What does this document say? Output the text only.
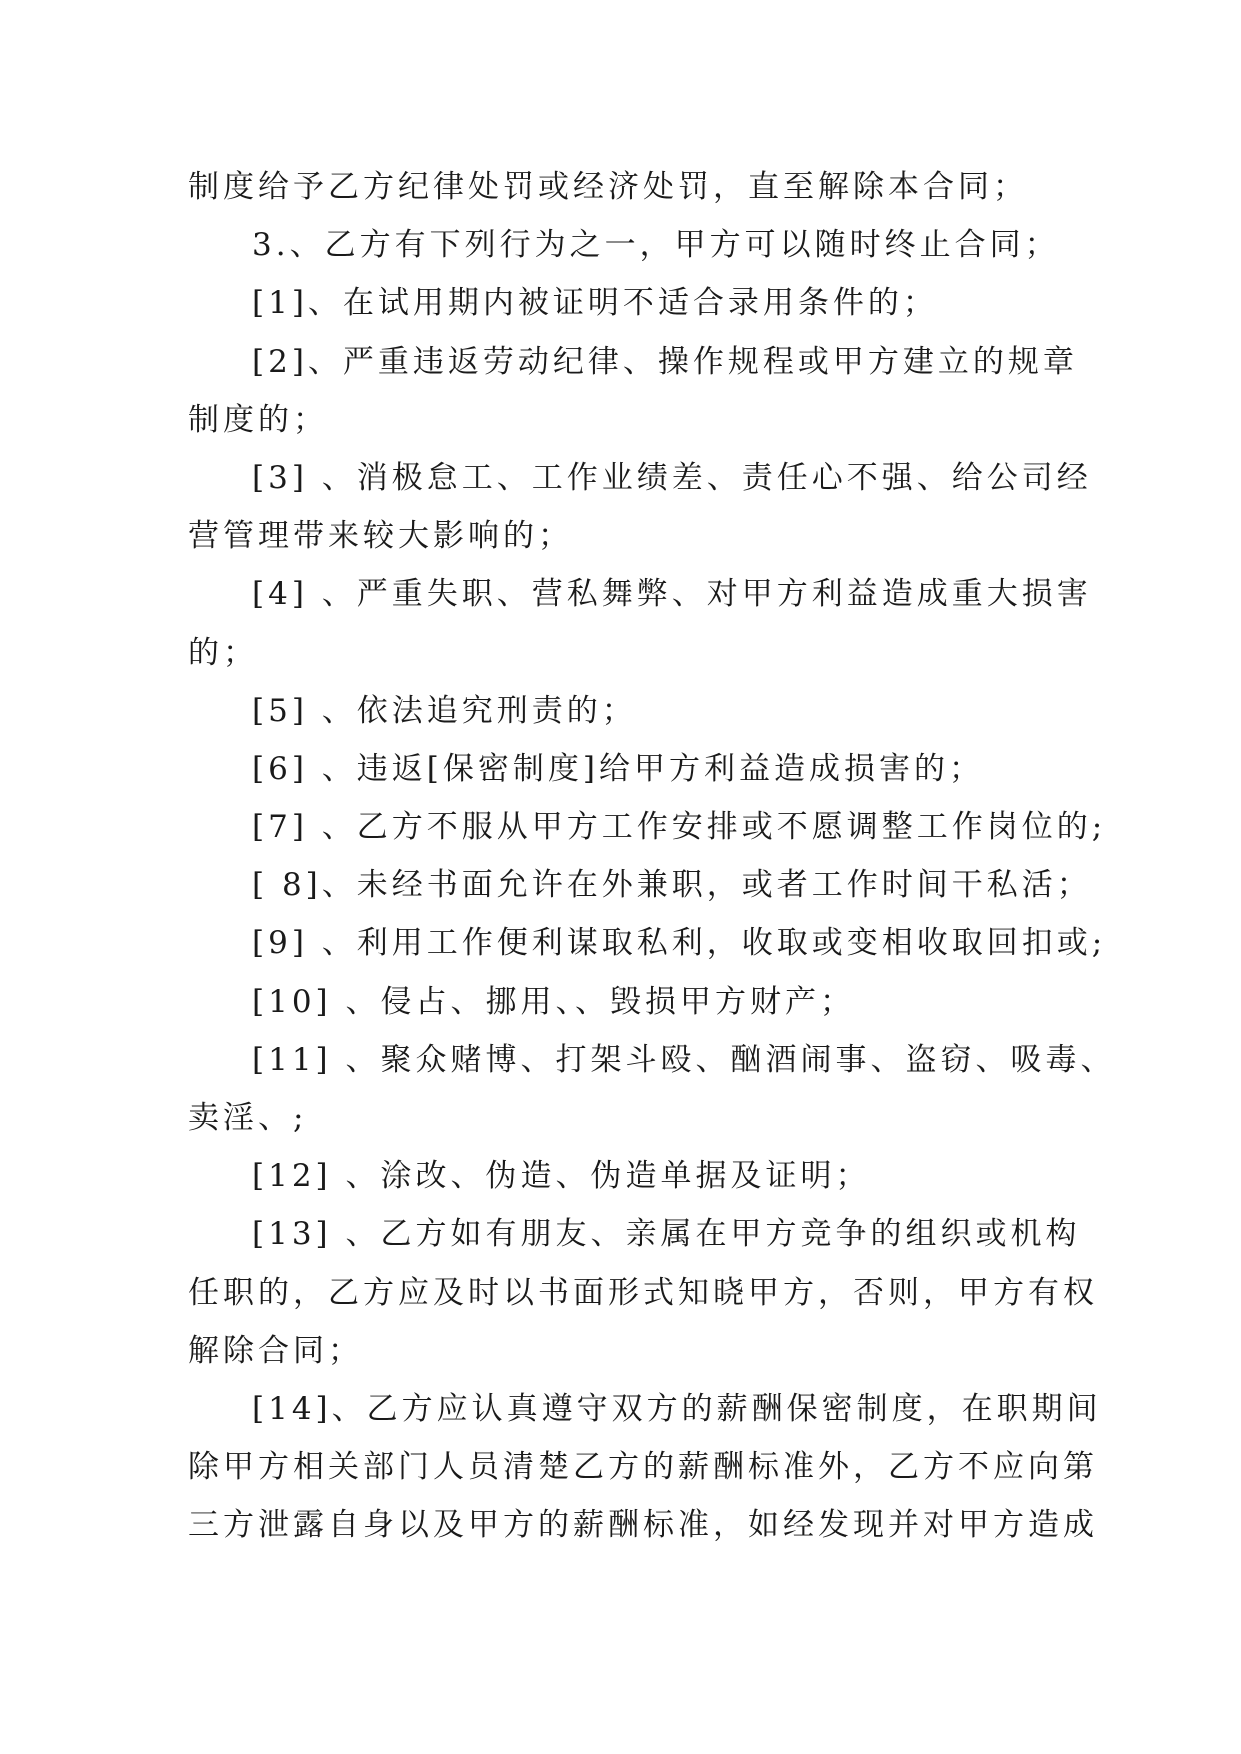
制度给予乙方纪律处罚或经济处罚，直至解除本合同；
3.、乙方有下列行为之一，甲方可以随时终止合同；
[1]、在试用期内被证明不适合录用条件的；
[2]、严重违返劳动纪律、操作规程或甲方建立的规章
制度的；
[3] 、消极怠工、工作业绩差、责任心不强、给公司经
营管理带来较大影响的；
[4] 、严重失职、营私舞弊、对甲方利益造成重大损害
的；
[5] 、依法追究刑责的；
[6] 、违返[保密制度]给甲方利益造成损害的；
[7] 、乙方不服从甲方工作安排或不愿调整工作岗位的;
[ 8]、未经书面允许在外兼职，或者工作时间干私活；
[9] 、利用工作便利谋取私利，收取或变相收取回扣或;
[10] 、侵占、挪用、、毁损甲方财产；
[11] 、聚众赌博、打架斗殴、酗酒闹事、盗窃、吸毒、
卖淫、;
[12] 、涂改、伪造、伪造单据及证明；
[13] 、乙方如有朋友、亲属在甲方竞争的组织或机构
任职的，乙方应及时以书面形式知晓甲方，否则，甲方有权
解除合同；
[14]、乙方应认真遵守双方的薪酬保密制度，在职期间
除甲方相关部门人员清楚乙方的薪酬标准外，乙方不应向第
三方泄露自身以及甲方的薪酬标准，如经发现并对甲方造成
